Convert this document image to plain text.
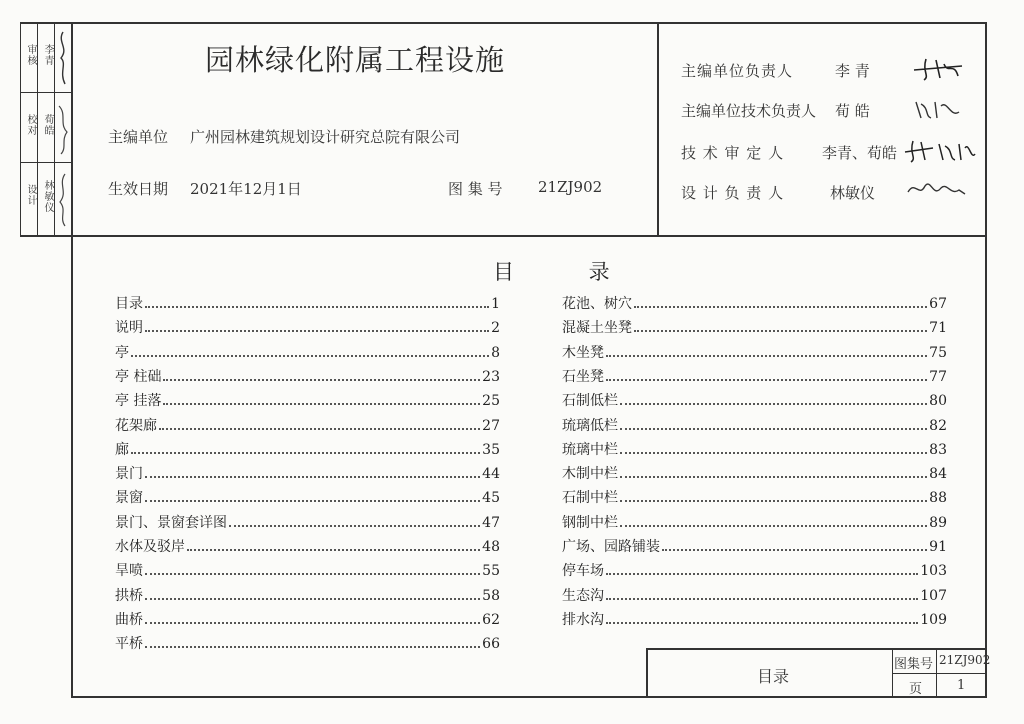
审核 李青
校对 荀皓
设计 林敏仪
园林绿化附属工程设施
主编单位 广州园林建筑规划设计研究总院有限公司
生效日期 2021年12月1日	图 集 号 21ZJ902
主编单位负责人	李 青
主编单位技术负责人 荀 皓
技 术 审 定 人	李青、荀皓
设 计 负 责 人	林敏仪
目 录
目录	1
说明	2
亭	8
亭 柱础	23
亭 挂落	25
花架廊	27
廊	35
景门	44
景窗	45
景门、景窗套详图	47
水体及驳岸	48
旱喷	55
拱桥	58
曲桥	62
平桥	66
花池、树穴	67
混凝土坐凳	71
木坐凳	75
石坐凳	77
石制低栏	80
琉璃低栏	82
琉璃中栏	83
木制中栏	84
石制中栏	88
钢制中栏	89
广场、园路铺装	91
停车场	103
生态沟	107
排水沟	109
目录
图集号 21ZJ902
页	1
